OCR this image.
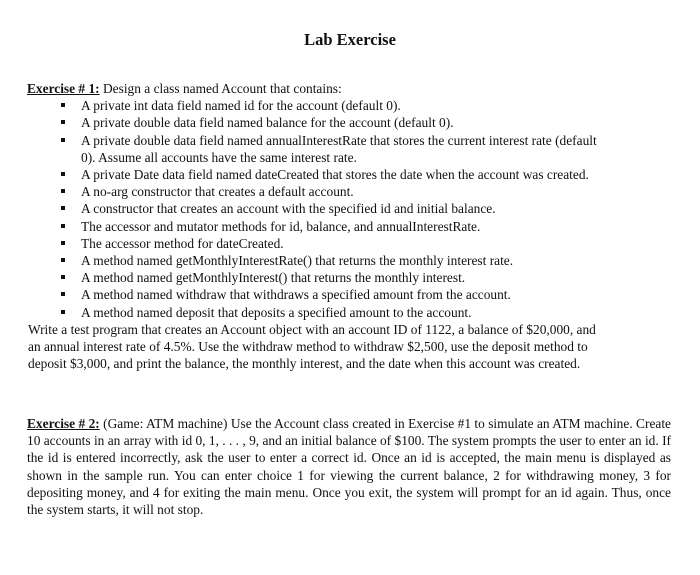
Lab Exercise
Exercise # 1: Design a class named Account that contains:
A private int data field named id for the account (default 0).
A private double data field named balance for the account (default 0).
A private double data field named annualInterestRate that stores the current interest rate (default 0). Assume all accounts have the same interest rate.
A private Date data field named dateCreated that stores the date when the account was created.
A no-arg constructor that creates a default account.
A constructor that creates an account with the specified id and initial balance.
The accessor and mutator methods for id, balance, and annualInterestRate.
The accessor method for dateCreated.
A method named getMonthlyInterestRate() that returns the monthly interest rate.
A method named getMonthlyInterest() that returns the monthly interest.
A method named withdraw that withdraws a specified amount from the account.
A method named deposit that deposits a specified amount to the account.
Write a test program that creates an Account object with an account ID of 1122, a balance of $20,000, and an annual interest rate of 4.5%. Use the withdraw method to withdraw $2,500, use the deposit method to deposit $3,000, and print the balance, the monthly interest, and the date when this account was created.
Exercise # 2: (Game: ATM machine) Use the Account class created in Exercise #1 to simulate an ATM machine. Create 10 accounts in an array with id 0, 1, . . . , 9, and an initial balance of $100. The system prompts the user to enter an id. If the id is entered incorrectly, ask the user to enter a correct id. Once an id is accepted, the main menu is displayed as shown in the sample run. You can enter choice 1 for viewing the current balance, 2 for withdrawing money, 3 for depositing money, and 4 for exiting the main menu. Once you exit, the system will prompt for an id again. Thus, once the system starts, it will not stop.
